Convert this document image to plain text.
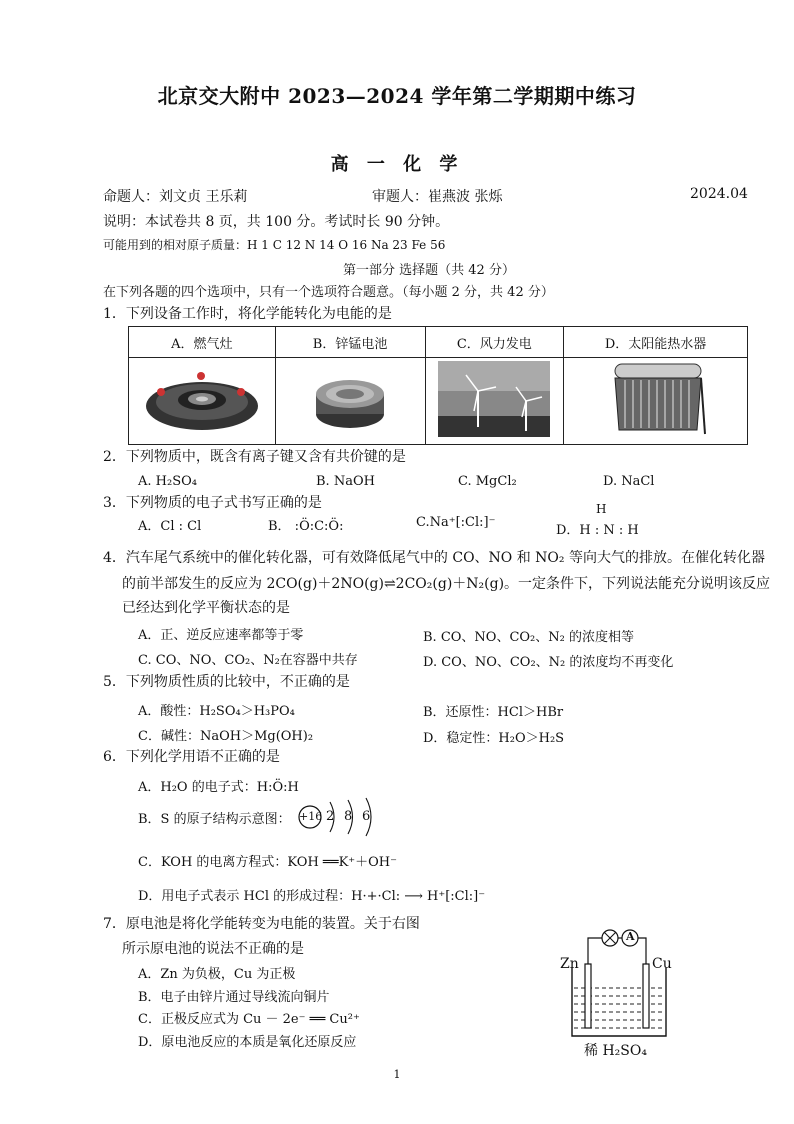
北京交大附中 2023—2024 学年第二学期期中练习
高 一 化 学
命题人：刘文贞 王乐莉	审题人：崔燕波 张烁	2024.04
说明：本试卷共 8 页，共 100 分。考试时长 90 分钟。
可能用到的相对原子质量：H 1 C 12 N 14 O 16 Na 23 Fe 56
第一部分 选择题（共 42 分）
在下列各题的四个选项中，只有一个选项符合题意。（每小题 2 分，共 42 分）
1．下列设备工作时，将化学能转化为电能的是
A．燃气灶	B．锌锰电池	C．风力发电	D．太阳能热水器

2．下列物质中，既含有离子键又含有共价键的是
A. H₂SO₄	B. NaOH	C. MgCl₂	D. NaCl
3．下列物质的电子式书写正确的是
A．Cl : Cl	B． :Ö:C:Ö:	C.Na⁺[:Cl:]⁻
H
D．H : N : H
4．汽车尾气系统中的催化转化器，可有效降低尾气中的 CO、NO 和 NO₂ 等向大气的排放。在催化转化器
的前半部发生的反应为 2CO(g)＋2NO(g)⇌2CO₂(g)＋N₂(g)。一定条件下，下列说法能充分说明该反应
已经达到化学平衡状态的是
A．正、逆反应速率都等于零	B. CO、NO、CO₂、N₂ 的浓度相等
C. CO、NO、CO₂、N₂在容器中共存	D. CO、NO、CO₂、N₂ 的浓度均不再变化
5．下列物质性质的比较中，不正确的是
A．酸性：H₂SO₄＞H₃PO₄	B．还原性：HCl＞HBr
C．碱性：NaOH＞Mg(OH)₂	D．稳定性：H₂O＞H₂S
6．下列化学用语不正确的是
A．H₂O 的电子式：H:Ö:H
B．S 的原子结构示意图： +16 2 8 6
C．KOH 的电离方程式：KOH ══K⁺＋OH⁻
D．用电子式表示 HCl 的形成过程：H·+·Cl: ⟶ H⁺[:Cl:]⁻
7．原电池是将化学能转变为电能的装置。关于右图
所示原电池的说法不正确的是
A．Zn 为负极，Cu 为正极
B．电子由锌片通过导线流向铜片
C．正极反应式为 Cu － 2e⁻ ══ Cu²⁺
D．原电池反应的本质是氧化还原反应
A
Zn	Cu
稀 H₂SO₄
1
